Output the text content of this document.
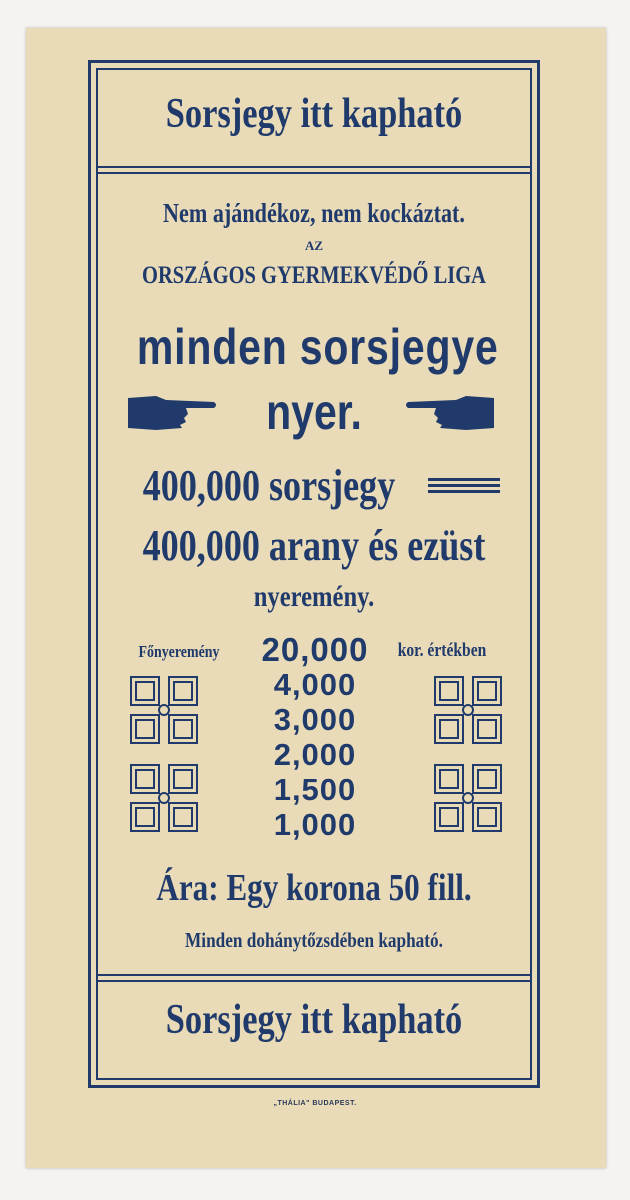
Sorsjegy itt kapható
Nem ajándékoz, nem kockáztat.
AZ
ORSZÁGOS GYERMEKVÉDŐ LIGA
minden sorsjegye
nyer.
400,000 sorsjegy
400,000 arany és ezüst
nyeremény.
Főnyeremény	20,000	kor. értékben
4,000
3,000
2,000
1,500
1,000
Ára: Egy korona 50 fill.
Minden dohánytőzsdében kapható.
Sorsjegy itt kapható
„THÁLIA" BUDAPEST.
